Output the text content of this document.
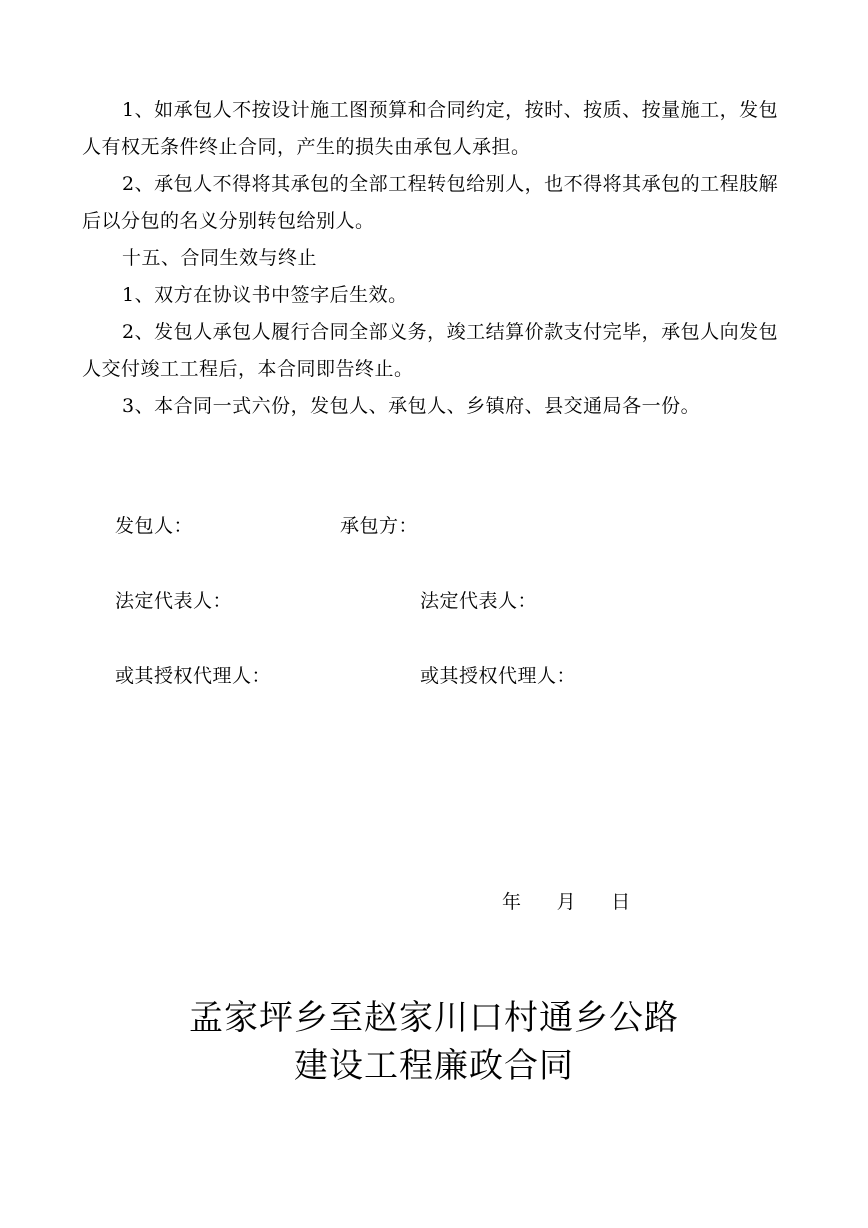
1、如承包人不按设计施工图预算和合同约定，按时、按质、按量施工，发包人有权无条件终止合同，产生的损失由承包人承担。

2、承包人不得将其承包的全部工程转包给别人，也不得将其承包的工程肢解后以分包的名义分别转包给别人。

十五、合同生效与终止

1、双方在协议书中签字后生效。

2、发包人承包人履行合同全部义务，竣工结算价款支付完毕，承包人向发包人交付竣工工程后，本合同即告终止。

3、本合同一式六份，发包人、承包人、乡镇府、县交通局各一份。

发包人：	承包方：
法定代表人：	法定代表人：
或其授权代理人：	或其授权代理人：
年 月 日
孟家坪乡至赵家川口村通乡公路
建设工程廉政合同
